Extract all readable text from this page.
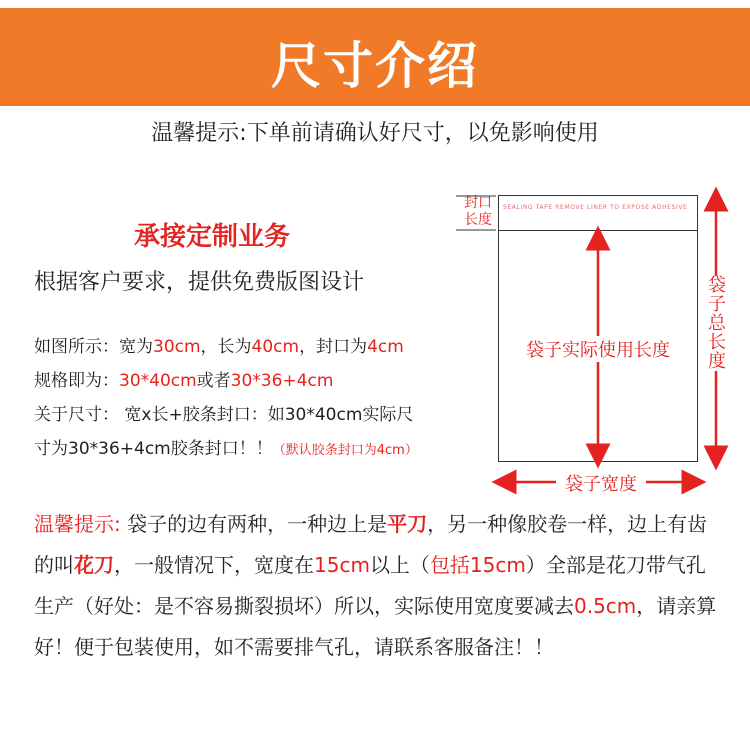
尺寸介绍
温馨提示:下单前请确认好尺寸，以免影响使用
承接定制业务
根据客户要求，提供免费版图设计
如图所示：宽为30cm，长为40cm，封口为4cm
规格即为：30*40cm或者30*36+4cm
关于尺寸： 宽x长+胶条封口：如30*40cm实际尺
寸为30*36+4cm胶条封口！！（默认胶条封口为4cm）
封口
长度
SEALING TAPE REMOVE LINER TO EXPOSE ADHESIVE
袋子实际使用长度
袋子宽度
袋子总长度
温馨提示: 袋子的边有两种，一种边上是平刀，另一种像胶卷一样，边上有齿的叫花刀，一般情况下，宽度在15cm以上（包括15cm）全部是花刀带气孔生产（好处：是不容易撕裂损坏）所以，实际使用宽度要减去0.5cm，请亲算好！便于包装使用，如不需要排气孔，请联系客服备注！！
